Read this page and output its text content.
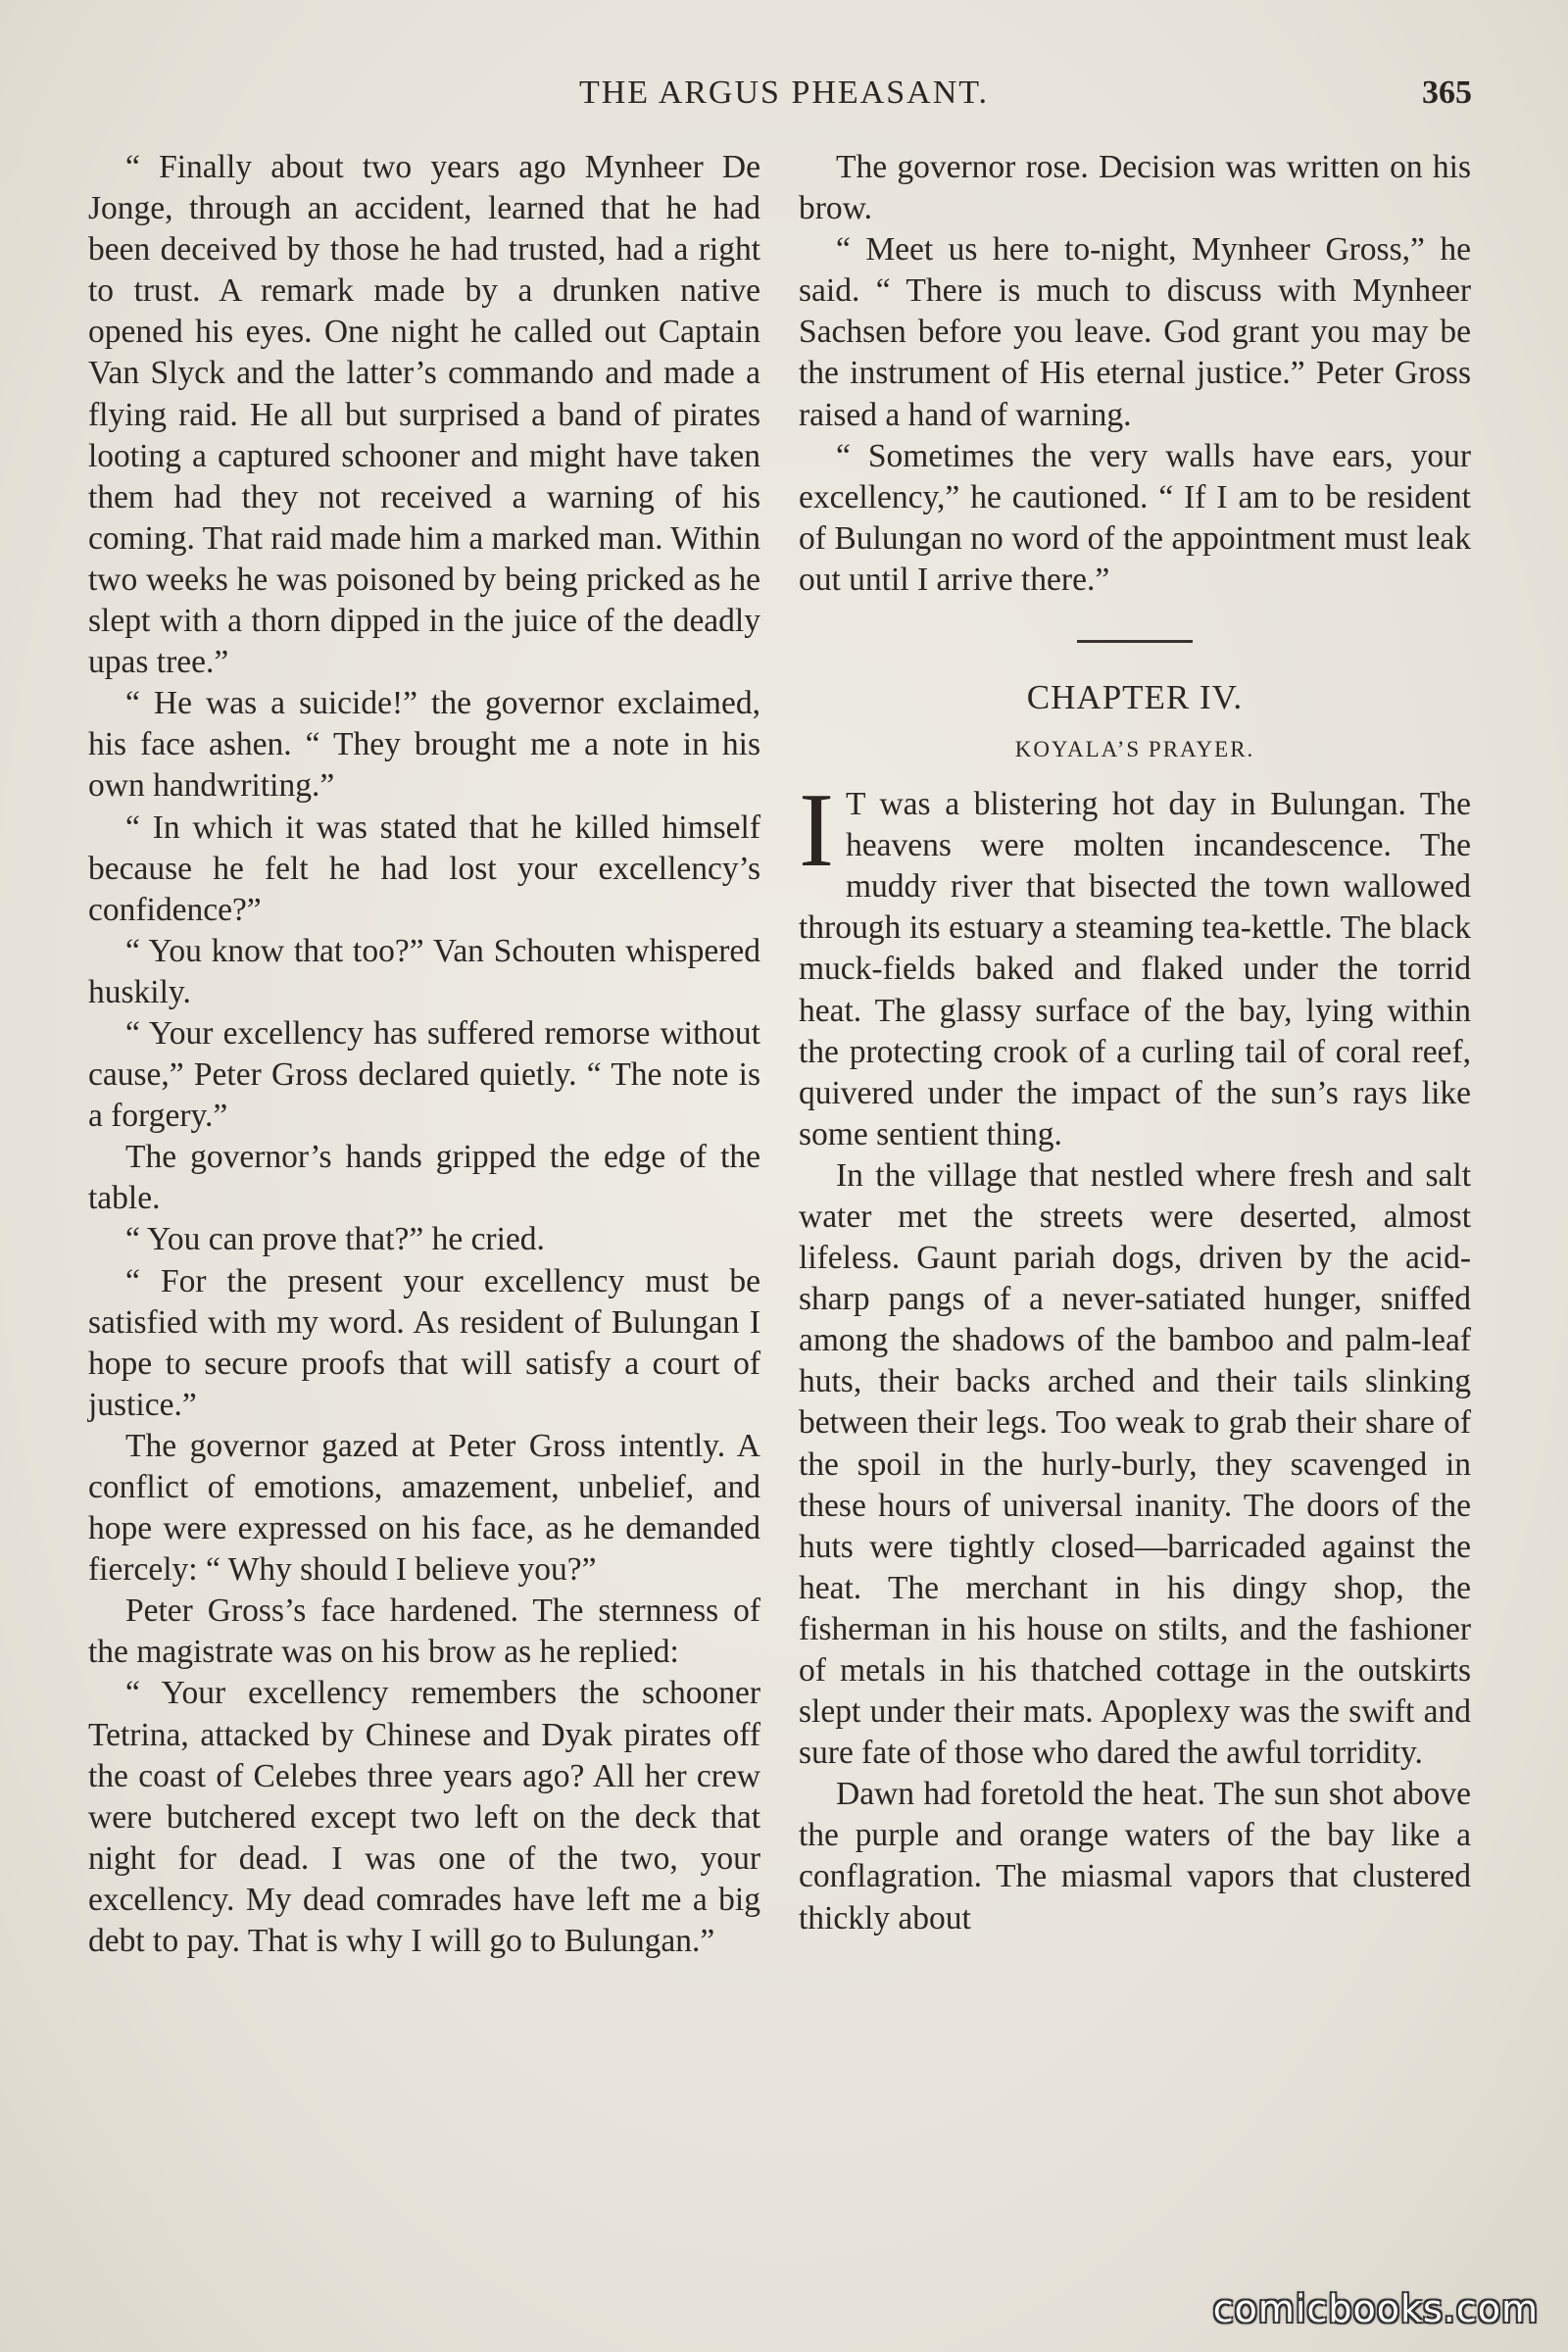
THE ARGUS PHEASANT.	365

“ Finally about two years ago Mynheer De Jonge, through an accident, learned that he had been deceived by those he had trusted, had a right to trust. A remark made by a drunken native opened his eyes. One night he called out Captain Van Slyck and the latter’s commando and made a flying raid. He all but surprised a band of pirates looting a captured schooner and might have taken them had they not received a warning of his coming. That raid made him a marked man. Within two weeks he was poisoned by being pricked as he slept with a thorn dipped in the juice of the deadly upas tree.”

“ He was a suicide!” the governor exclaimed, his face ashen. “ They brought me a note in his own handwriting.”

“ In which it was stated that he killed himself because he felt he had lost your excellency’s confidence?”

“ You know that too?” Van Schouten whispered huskily.

“ Your excellency has suffered remorse without cause,” Peter Gross declared quietly. “ The note is a forgery.”

The governor’s hands gripped the edge of the table.

“ You can prove that?” he cried.

“ For the present your excellency must be satisfied with my word. As resident of Bulungan I hope to secure proofs that will satisfy a court of justice.”

The governor gazed at Peter Gross intently. A conflict of emotions, amazement, unbelief, and hope were expressed on his face, as he demanded fiercely: “ Why should I believe you?”

Peter Gross’s face hardened. The sternness of the magistrate was on his brow as he replied:

“ Your excellency remembers the schooner Tetrina, attacked by Chinese and Dyak pirates off the coast of Celebes three years ago? All her crew were butchered except two left on the deck that night for dead. I was one of the two, your excellency. My dead comrades have left me a big debt to pay. That is why I will go to Bulungan.”

The governor rose. Decision was written on his brow.

“ Meet us here to-night, Mynheer Gross,” he said. “ There is much to discuss with Mynheer Sachsen before you leave. God grant you may be the instrument of His eternal justice.” Peter Gross raised a hand of warning.

“ Sometimes the very walls have ears, your excellency,” he cautioned. “ If I am to be resident of Bulungan no word of the appointment must leak out until I arrive there.”

CHAPTER IV.
KOYALA’S PRAYER.

I T was a blistering hot day in Bulungan. The heavens were molten incandescence. The muddy river that bisected the town wallowed through its estuary a steaming tea-kettle. The black muck-fields baked and flaked under the torrid heat. The glassy surface of the bay, lying within the protecting crook of a curling tail of coral reef, quivered under the impact of the sun’s rays like some sentient thing.

In the village that nestled where fresh and salt water met the streets were deserted, almost lifeless. Gaunt pariah dogs, driven by the acid-sharp pangs of a never-satiated hunger, sniffed among the shadows of the bamboo and palm-leaf huts, their backs arched and their tails slinking between their legs. Too weak to grab their share of the spoil in the hurly-burly, they scavenged in these hours of universal inanity. The doors of the huts were tightly closed—barricaded against the heat. The merchant in his dingy shop, the fisherman in his house on stilts, and the fashioner of metals in his thatched cottage in the outskirts slept under their mats. Apoplexy was the swift and sure fate of those who dared the awful torridity.

Dawn had foretold the heat. The sun shot above the purple and orange waters of the bay like a conflagration. The miasmal vapors that clustered thickly about

comicbooks.com
